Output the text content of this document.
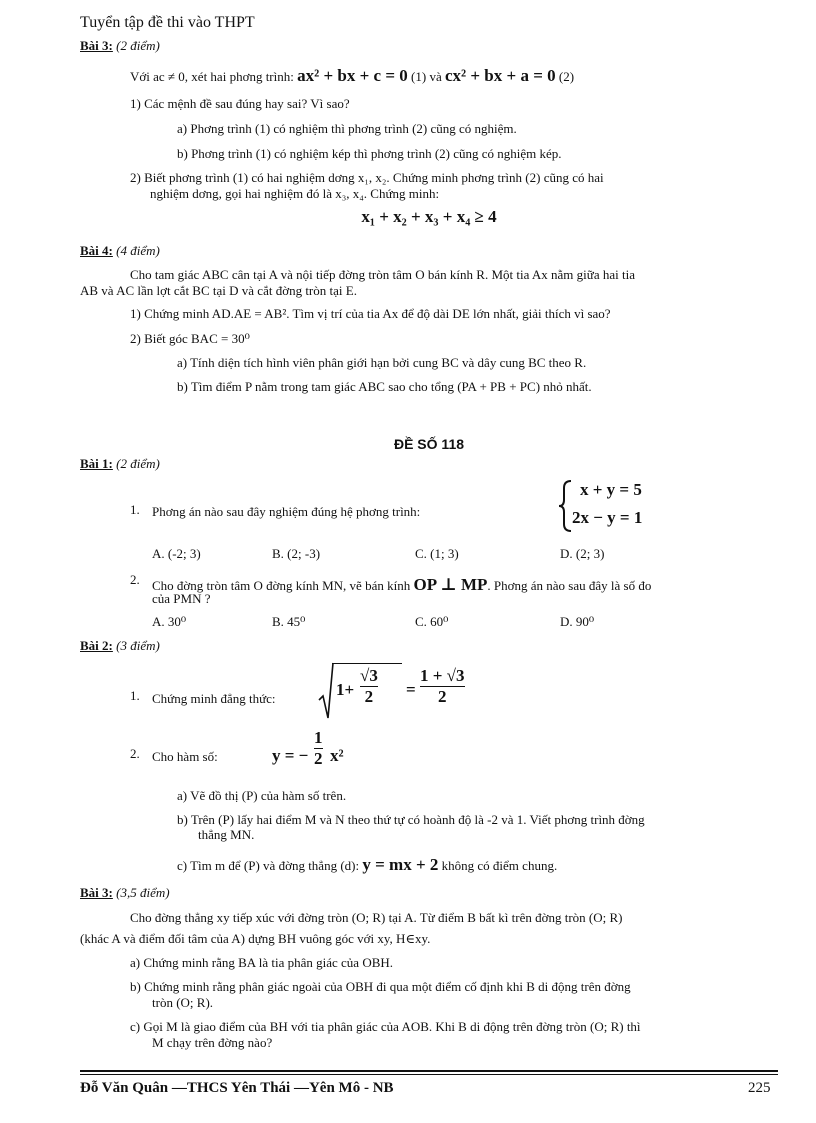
Tuyển tập đề thi vào THPT
Bài 3: (2 điểm)
Với ac ≠ 0, xét hai phơng trình: ax² + bx + c = 0 (1) và cx² + bx + a = 0 (2)
1) Các mệnh đề sau đúng hay sai? Vì sao?
a) Phơng trình (1) có nghiệm thì phơng trình (2) cũng có nghiệm.
b) Phơng trình (1) có nghiệm kép thì phơng trình (2) cũng có nghiệm kép.
2) Biết phơng trình (1) có hai nghiệm dơng x₁, x₂. Chứng minh phơng trình (2) cũng có hai
nghiệm dơng, gọi hai nghiệm đó là x₃, x₄. Chứng minh:
x₁ + x₂ + x₃ + x₄ ≥ 4
Bài 4: (4 điểm)
Cho tam giác ABC cân tại A và nội tiếp đờng tròn tâm O bán kính R. Một tia Ax nằm giữa hai tia
AB và AC lần lợt cắt BC tại D và cắt đờng tròn tại E.
1) Chứng minh AD.AE = AB². Tìm vị trí của tia Ax để độ dài DE lớn nhất, giải thích vì sao?
2) Biết góc BAC = 30⁰
a) Tính diện tích hình viên phân giới hạn bởi cung BC và dây cung BC theo R.
b) Tìm điểm P nằm trong tam giác ABC sao cho tổng (PA + PB + PC) nhỏ nhất.
ĐỀ SỐ 118
Bài 1: (2 điểm)
1. Phơng án nào sau đây nghiệm đúng hệ phơng trình:
x + y = 5
2x − y = 1
A. (-2; 3)	B. (2; -3)	C. (1; 3)	D. (2; 3)
2. Cho đờng tròn tâm O đờng kính MN, vẽ bán kính OP ⊥ MP. Phơng án nào sau đây là số đo
của PMN ?
A. 30⁰	B. 45⁰	C. 60⁰	D. 90⁰
Bài 2: (3 điểm)
1. Chứng minh đẳng thức:	$1+ \frac{√3}{2} = \frac{1 + √3}{2}$
2. Cho hàm số:	y = − $\frac{1}{2} x^2$
a) Vẽ đồ thị (P) của hàm số trên.
b) Trên (P) lấy hai điểm M và N theo thứ tự có hoành độ là -2 và 1. Viết phơng trình đờng
thẳng MN.
c) Tìm m để (P) và đờng thẳng (d): y = mx + 2 không có điểm chung.
Bài 3: (3,5 điểm)
Cho đờng thẳng xy tiếp xúc với đờng tròn (O; R) tại A. Từ điểm B bất kì trên đờng tròn (O; R)
(khác A và điểm đối tâm của A) dựng BH vuông góc với xy, H∈xy.
a) Chứng minh rằng BA là tia phân giác của OBH.
b) Chứng minh rằng phân giác ngoài của OBH đi qua một điểm cố định khi B di động trên đờng
tròn (O; R).
c) Gọi M là giao điểm của BH với tia phân giác của AOB. Khi B di động trên đờng tròn (O; R) thì
M chạy trên đờng nào?
Đỗ Văn Quân —THCS Yên Thái —Yên Mô - NB	225
